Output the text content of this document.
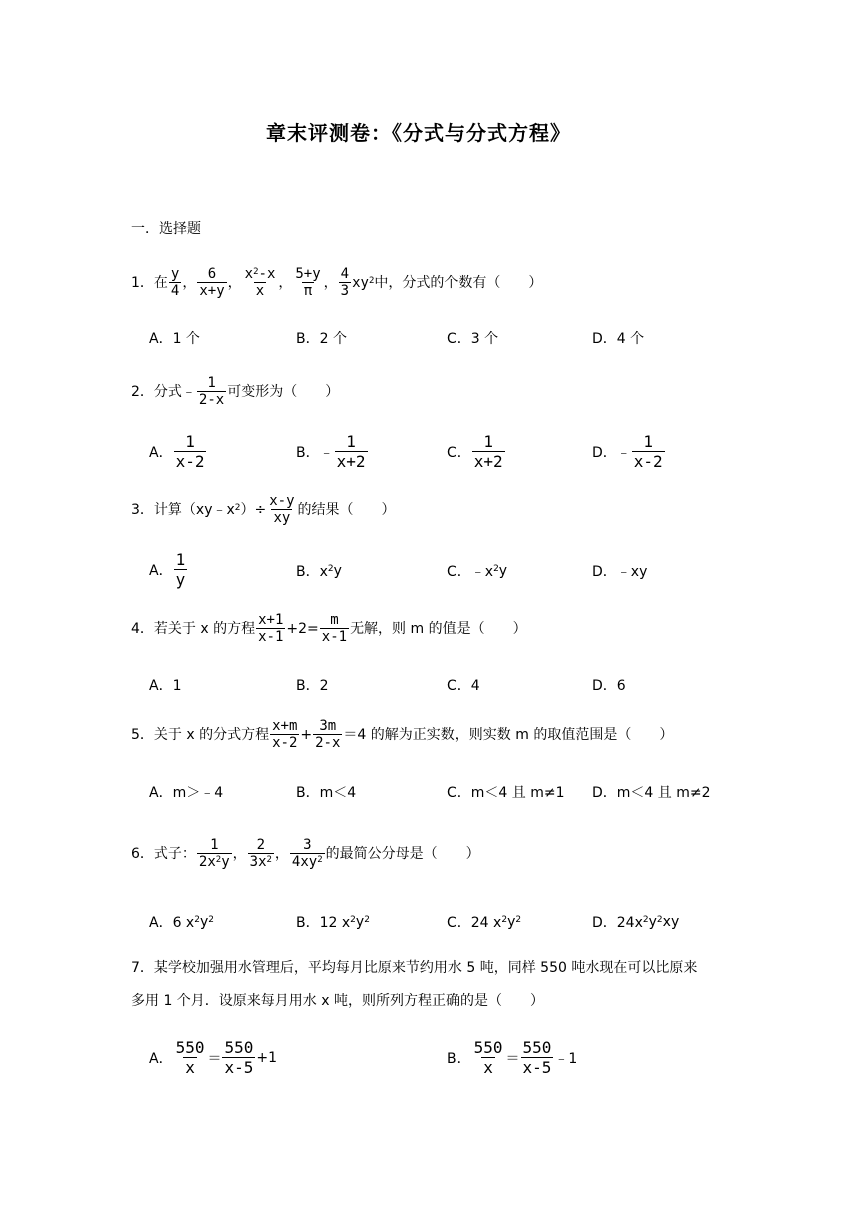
章末评测卷：《分式与分式方程》
一．选择题
1．在 $\frac{y}{4}$ ， $\frac{6}{x+y}$ ， $\frac{x^2-x}{x}$ ， $\frac{5+y}{\pi}$ ， $\frac{4}{3} xy^2$ 中，分式的个数有（　　）
A．1 个	B．2 个	C．3 个	D．4 个
2．分式﹣ $\frac{1}{2-x}$ 可变形为（　　）
A． $\frac{1}{x-2}$	B． ﹣ $\frac{1}{x+2}$	C． $\frac{1}{x+2}$	D． ﹣ $\frac{1}{x-2}$
3．计算$(xy﹣x^2)\div \frac{x-y}{xy}$ 的结果（　　）
A． $\frac{1}{y}$	B．$x^2$ y	C．$﹣x^2$ y	D．﹣xy
4．若关于 x 的方程 $\frac{x+1}{x-1} +2= \frac{m}{x-1}$ 无解，则 m 的值是（　　）
A．1	B．2	C．4	D．6
5．关于 x 的分式方程 $\frac{x+m}{x-2} + \frac{3m}{2-x} =4$ 的解为正实数，则实数 m 的取值范围是（　　）
A．m＞﹣4	B．m＜4	C．m＜4 且 m≠1 D．m＜4 且 m≠2
6．式子： $\frac{1}{2x^2y}$ ， $\frac{2}{3x^2}$ ， $\frac{3}{4xy^2}$ 的最简公分母是（　　）
A．6 $x^2$ $y^2$	B．12 $x^2$ $y^2$	C．24 $x^2$ $y^2$	D．$24x^2$ $y^2$ xy
7．某学校加强用水管理后，平均每月比原来节约用水 5 吨，同样 550 吨水现在可以比原来
多用 1 个月．设原来每月用水 x 吨，则所列方程正确的是（　　）
A． $\frac{550}{x} = \frac{550}{x-5} +1$	B． $\frac{550}{x} = \frac{550}{x-5}$ ﹣1
